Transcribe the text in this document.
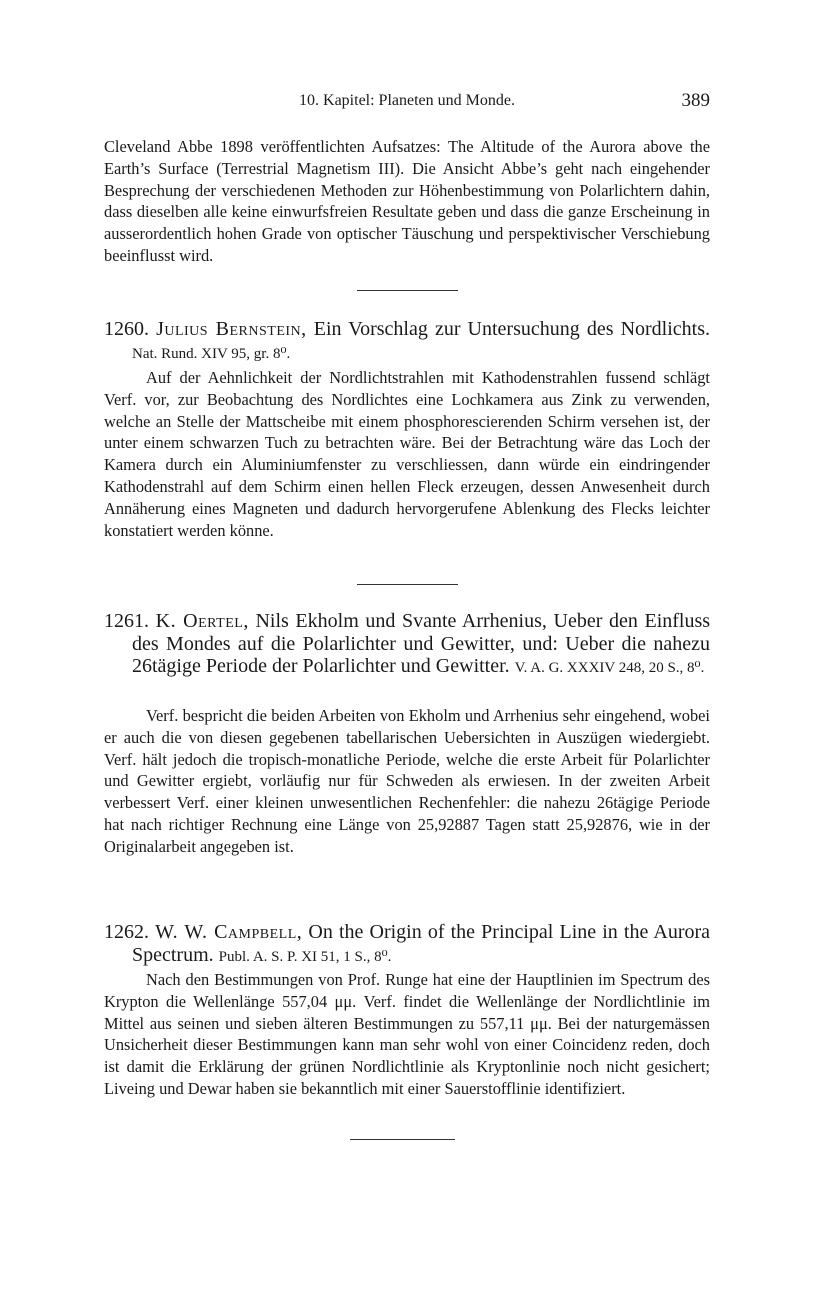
10. Kapitel: Planeten und Monde.	389
Cleveland Abbe 1898 veröffentlichten Aufsatzes: The Altitude of the Aurora above the Earth’s Surface (Terrestrial Magnetism III). Die Ansicht Abbe’s geht nach eingehender Besprechung der verschiedenen Methoden zur Höhenbestimmung von Polarlichtern dahin, dass dieselben alle keine einwurfsfreien Resultate geben und dass die ganze Erscheinung in ausserordentlich hohen Grade von optischer Täuschung und perspektivischer Verschiebung beeinflusst wird.
1260. Julius Bernstein, Ein Vorschlag zur Untersuchung des Nordlichts. Nat. Rund. XIV 95, gr. 8⁰.
Auf der Aehnlichkeit der Nordlichtstrahlen mit Kathodenstrahlen fussend schlägt Verf. vor, zur Beobachtung des Nordlichtes eine Lochkamera aus Zink zu verwenden, welche an Stelle der Mattscheibe mit einem phosphorescierenden Schirm versehen ist, der unter einem schwarzen Tuch zu betrachten wäre. Bei der Betrachtung wäre das Loch der Kamera durch ein Aluminiumfenster zu verschliessen, dann würde ein eindringender Kathodenstrahl auf dem Schirm einen hellen Fleck erzeugen, dessen Anwesenheit durch Annäherung eines Magneten und dadurch hervorgerufene Ablenkung des Flecks leichter konstatiert werden könne.
1261. K. Oertel, Nils Ekholm und Svante Arrhenius, Ueber den Einfluss des Mondes auf die Polarlichter und Gewitter, und: Ueber die nahezu 26tägige Periode der Polarlichter und Gewitter. V. A. G. XXXIV 248, 20 S., 8⁰.
Verf. bespricht die beiden Arbeiten von Ekholm und Arrhenius sehr eingehend, wobei er auch die von diesen gegebenen tabellarischen Uebersichten in Auszügen wiedergiebt. Verf. hält jedoch die tropisch-monatliche Periode, welche die erste Arbeit für Polarlichter und Gewitter ergiebt, vorläufig nur für Schweden als erwiesen. In der zweiten Arbeit verbessert Verf. einer kleinen unwesentlichen Rechenfehler: die nahezu 26tägige Periode hat nach richtiger Rechnung eine Länge von 25,92887 Tagen statt 25,92876, wie in der Originalarbeit angegeben ist.
1262. W. W. Campbell, On the Origin of the Principal Line in the Aurora Spectrum. Publ. A. S. P. XI 51, 1 S., 8⁰.
Nach den Bestimmungen von Prof. Runge hat eine der Hauptlinien im Spectrum des Krypton die Wellenlänge 557,04 μμ. Verf. findet die Wellenlänge der Nordlichtlinie im Mittel aus seinen und sieben älteren Bestimmungen zu 557,11 μμ. Bei der naturgemässen Unsicherheit dieser Bestimmungen kann man sehr wohl von einer Coincidenz reden, doch ist damit die Erklärung der grünen Nordlichtlinie als Kryptonlinie noch nicht gesichert; Liveing und Dewar haben sie bekanntlich mit einer Sauerstofflinie identifiziert.
